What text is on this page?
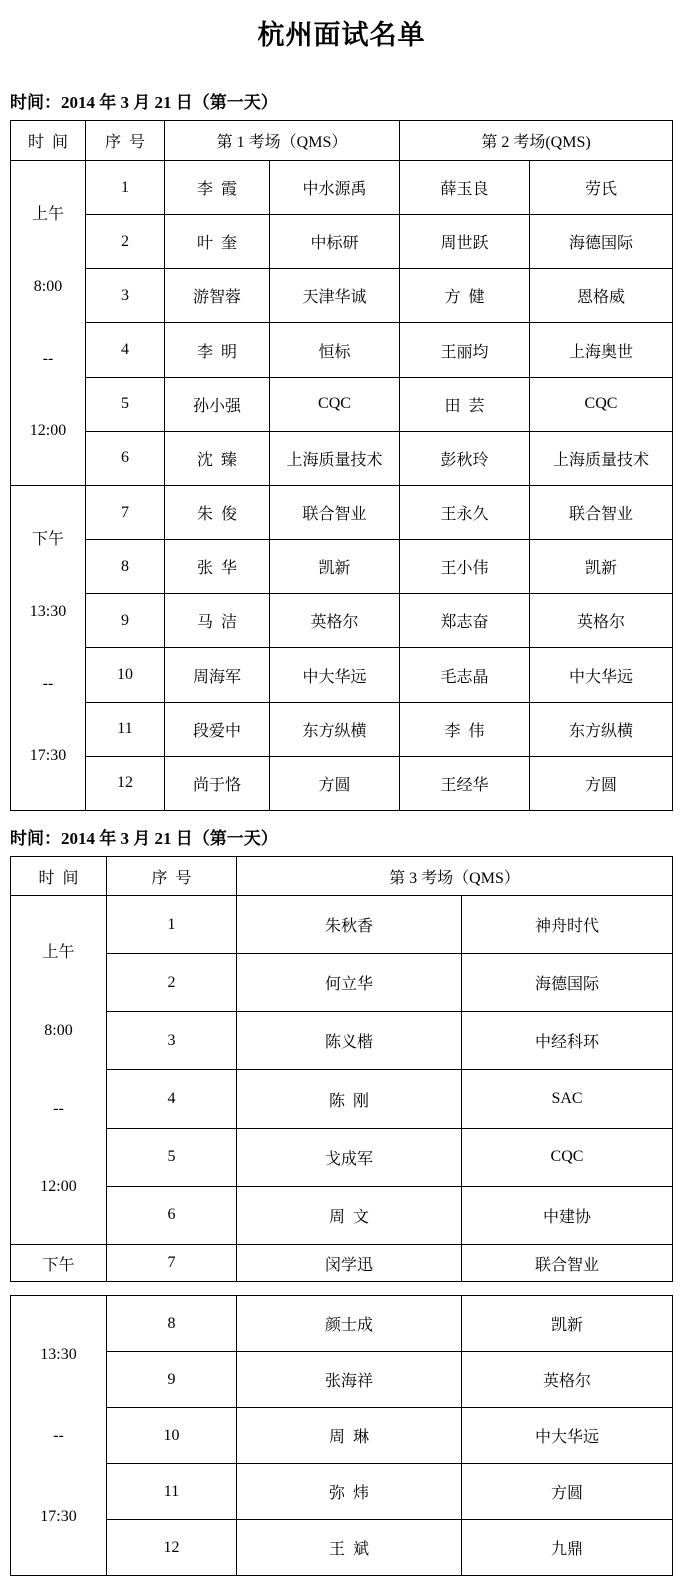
杭州面试名单
时间：2014 年 3 月 21 日（第一天）
时  间	序  号	第 1 考场（QMS）		第 2 考场(QMS)	

上午

8:00

--

12:00	1	李  霞	中水源禹	薛玉良	劳氏
	2	叶  奎	中标研	周世跃	海德国际
	3	游智蓉	天津华诚	方  健	恩格威
	4	李  明	恒标	王丽均	上海奥世
	5	孙小强	CQC	田  芸	CQC
	6	沈  臻	上海质量技术	彭秋玲	上海质量技术

下午

13:30

--

17:30	7	朱  俊	联合智业	王永久	联合智业
	8	张  华	凯新	王小伟	凯新
	9	马  洁	英格尔	郑志奋	英格尔
	10	周海军	中大华远	毛志晶	中大华远
	11	段爱中	东方纵横	李  伟	东方纵横
	12	尚于恪	方圆	王经华	方圆
时间：2014 年 3 月 21 日（第一天）
时  间	序  号	第 3 考场（QMS）	

上午

8:00

--

12:00	1	朱秋香	神舟时代
	2	何立华	海德国际
	3	陈义楷	中经科环
	4	陈  刚	SAC
	5	戈成军	CQC
	6	周  文	中建协
下午	7	闵学迅	联合智业

13:30

--

17:30	8	颜士成	凯新
	9	张海祥	英格尔
	10	周  琳	中大华远
	11	弥  炜	方圆
	12	王  斌	九鼎
